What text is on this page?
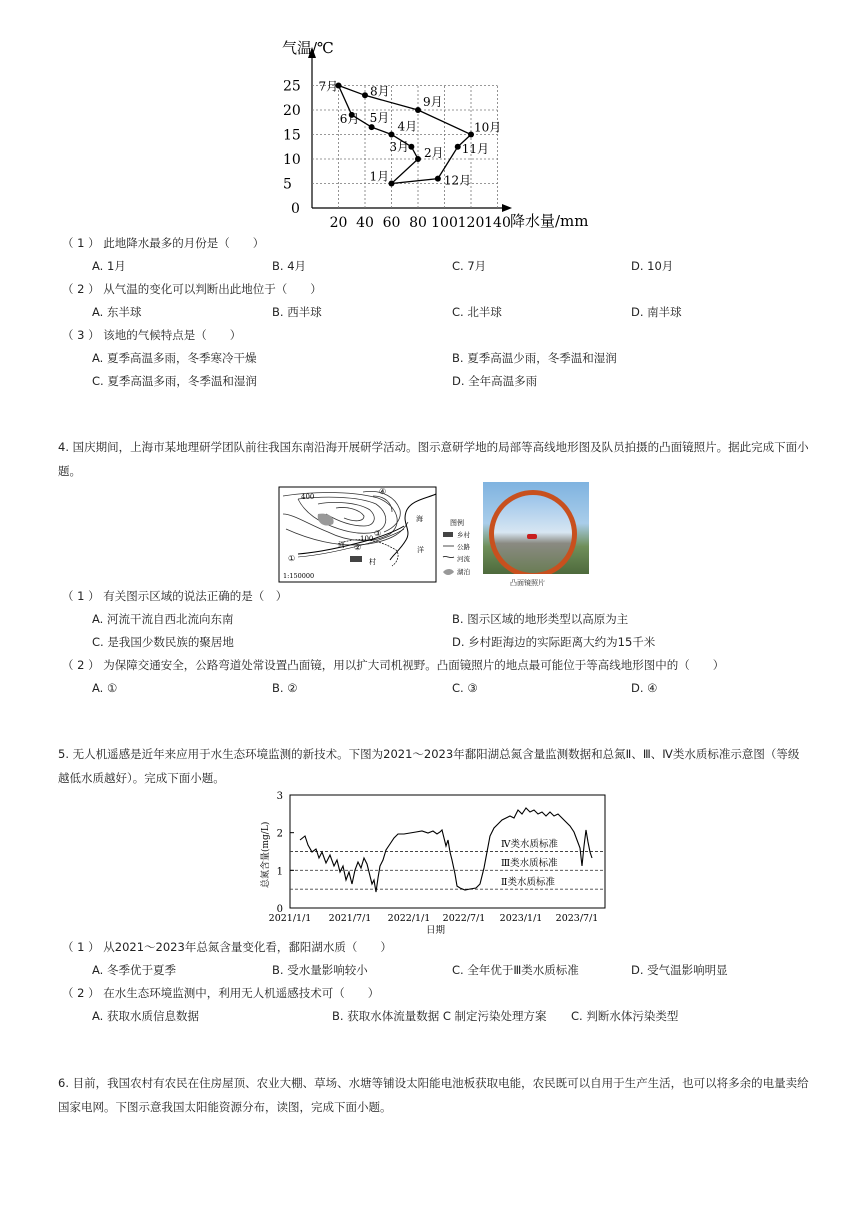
5
10
15
20
25
20 40 60 80 100 120 140
1月
2月
3月
4月
5月
6月
7月	8月
9月
10月
11月
12月
气温/℃
降水量/mm
0
（ 1 ） 此地降水最多的月份是（　　）
A. 1月	B. 4月	C. 7月	D. 10月
（ 2 ） 从气温的变化可以判断出此地位于（　　）
A. 东半球	B. 西半球	C. 北半球	D. 南半球
（ 3 ） 该地的气候特点是（　　）
A. 夏季高温多雨，冬季寒冷干燥	B. 夏季高温少雨，冬季温和湿润
C. 夏季高温多雨，冬季温和湿润	D. 全年高温多雨
4. 国庆期间，上海市某地理研学团队前往我国东南沿海开展研学活动。图示意研学地的局部等高线地形图及队员拍摄的凸面镜照片。据此完成下面小
题。
400
100
①
②
③
④
河
村
海
洋
1:150000
图例
乡村
公路
河流
湖泊
凸面镜照片
（ 1 ） 有关图示区域的说法正确的是（　）
A. 河流干流自西北流向东南	B. 图示区域的地形类型以高原为主
C. 是我国少数民族的聚居地	D. 乡村距海边的实际距离大约为15千米
（ 2 ） 为保障交通安全，公路弯道处常设置凸面镜，用以扩大司机视野。凸面镜照片的地点最可能位于等高线地形图中的（　　）
A. ①	B. ②	C. ③	D. ④
5. 无人机遥感是近年来应用于水生态环境监测的新技术。下图为2021～2023年鄱阳湖总氮含量监测数据和总氮Ⅱ、Ⅲ、Ⅳ类水质标准示意图（等级
越低水质越好）。完成下面小题。
0
1
2
3
2021/1/1 2021/7/1 2022/1/1 2022/7/1 2023/1/1 2023/7/1
总氮含量(mg/L)
日期
Ⅳ类水质标准
Ⅲ类水质标准
Ⅱ类水质标准
（ 1 ） 从2021～2023年总氮含量变化看，鄱阳湖水质（　　）
A. 冬季优于夏季	B. 受水量影响较小	C. 全年优于Ⅲ类水质标准	D. 受气温影响明显
（ 2 ） 在水生态环境监测中，利用无人机遥感技术可（　　）
A. 获取水质信息数据	B. 获取水体流量数据 C 制定污染处理方案 C. 判断水体污染类型
6. 目前，我国农村有农民在住房屋顶、农业大棚、草场、水塘等铺设太阳能电池板获取电能，农民既可以自用于生产生活，也可以将多余的电量卖给
国家电网。下图示意我国太阳能资源分布，读图，完成下面小题。
